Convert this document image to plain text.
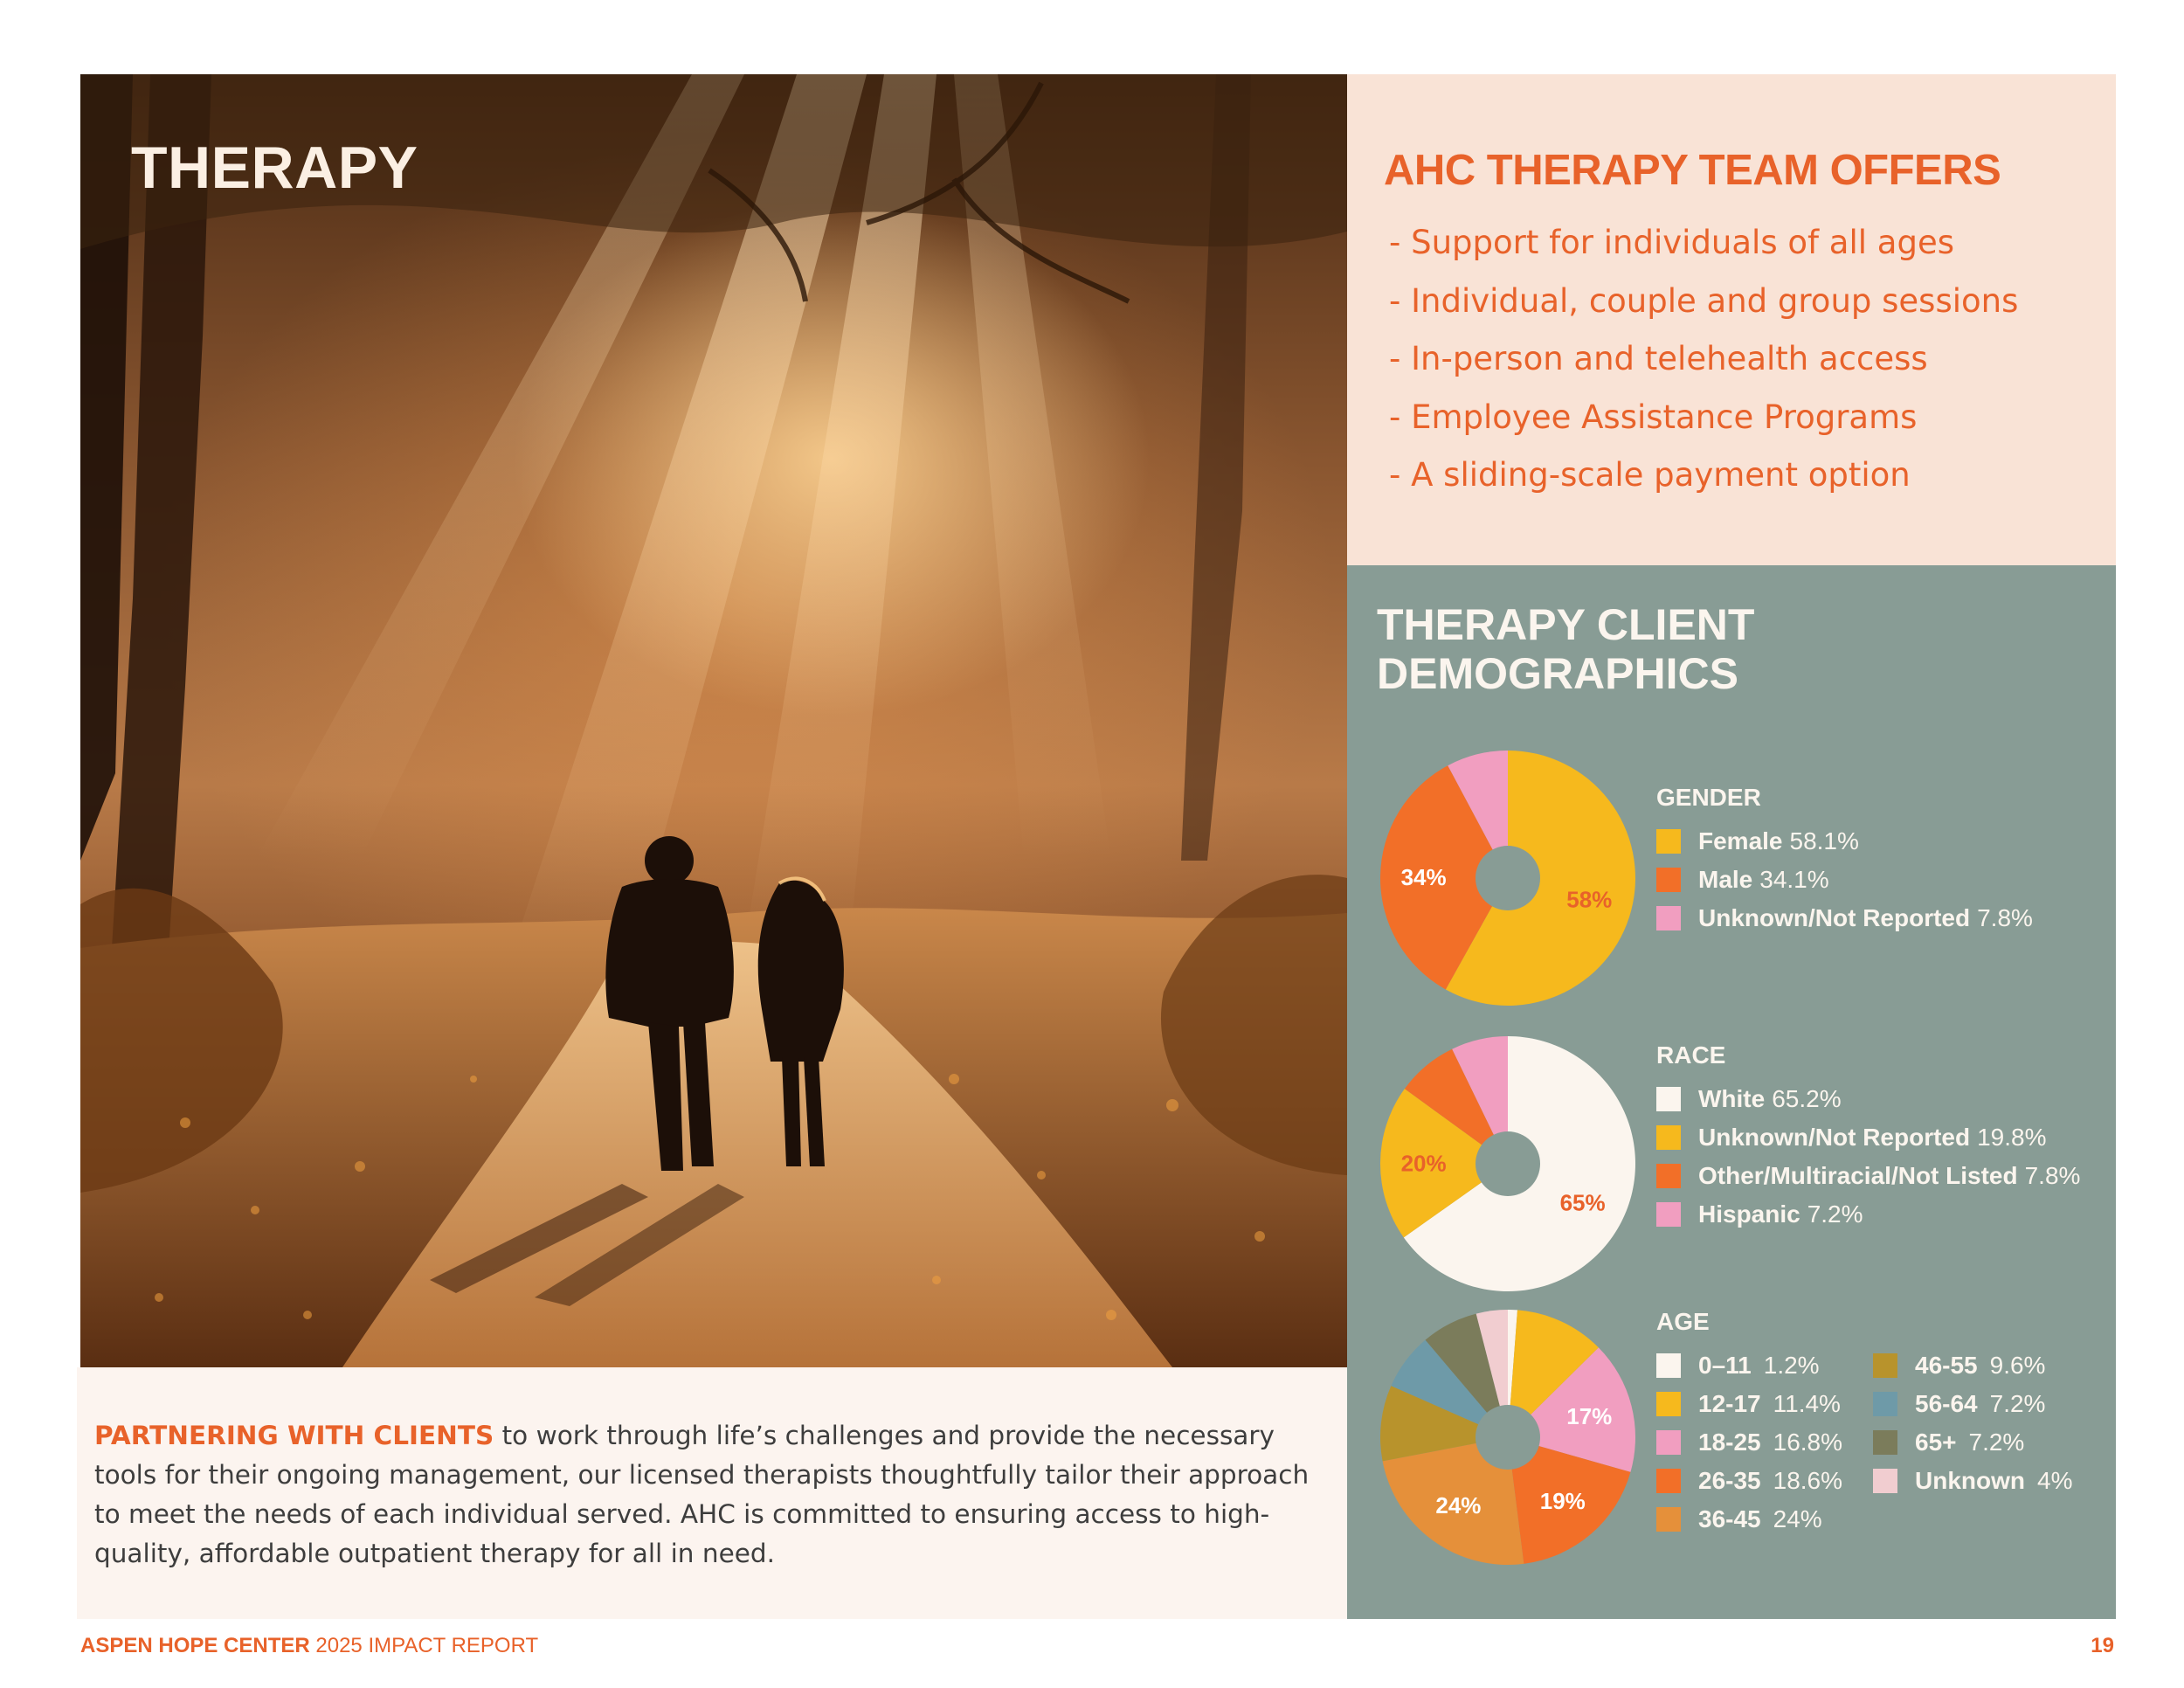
THERAPY

PARTNERING WITH CLIENTS to work through life’s challenges and provide the necessary tools for their ongoing management, our licensed therapists thoughtfully tailor their approach to meet the needs of each individual served. AHC is committed to ensuring access to high-quality, affordable outpatient therapy for all in need.

AHC THERAPY TEAM OFFERS
- Support for individuals of all ages
- Individual, couple and group sessions
- In-person and telehealth access
- Employee Assistance Programs
- A sliding-scale payment option
THERAPY CLIENT
DEMOGRAPHICS
58%
34%
GENDER
Female 58.1%
Male 34.1%
Unknown/Not Reported 7.8%
65%
20%
RACE
White 65.2%
Unknown/Not Reported 19.8%
Other/Multiracial/Not Listed 7.8%
Hispanic 7.2%
17%
19%
24%
AGE
0–11 1.2%	46-55 9.6%
12-17 11.4%	56-64 7.2%
18-25 16.8%	65+ 7.2%
26-35 18.6%	Unknown 4%
36-45 24%
ASPEN HOPE CENTER 2025 IMPACT REPORT	19
